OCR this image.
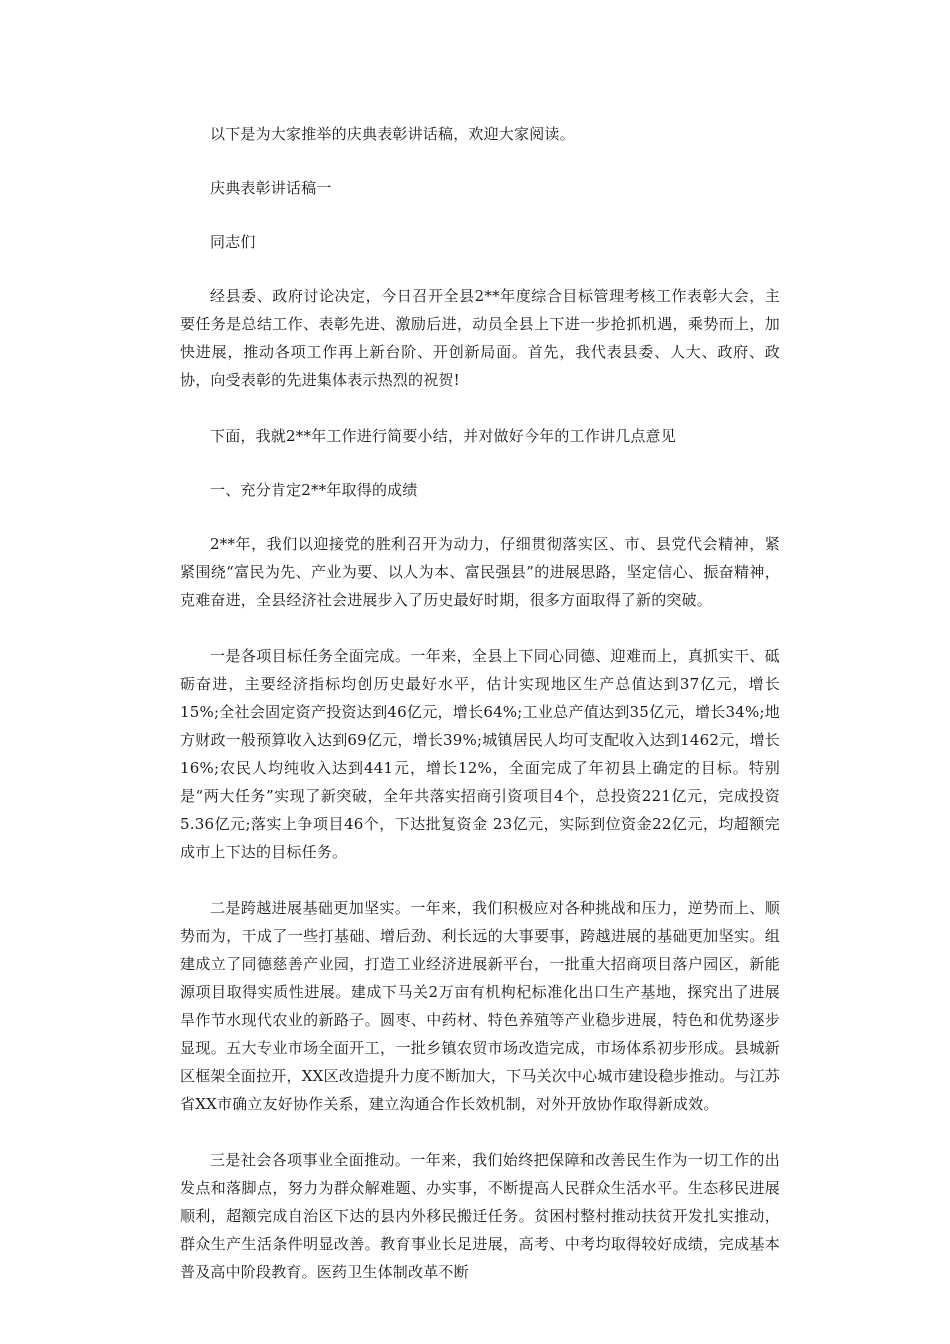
以下是为大家推举的庆典表彰讲话稿，欢迎大家阅读。

庆典表彰讲话稿一

同志们

经县委、政府讨论决定，今日召开全县2**年度综合目标管理考核工作表彰大会，主要任务是总结工作、表彰先进、激励后进，动员全县上下进一步抢抓机遇，乘势而上，加快进展，推动各项工作再上新台阶、开创新局面。首先，我代表县委、人大、政府、政协，向受表彰的先进集体表示热烈的祝贺!

下面，我就2**年工作进行简要小结，并对做好今年的工作讲几点意见

一、充分肯定2**年取得的成绩

2**年，我们以迎接党的胜利召开为动力，仔细贯彻落实区、市、县党代会精神，紧紧围绕“富民为先、产业为要、以人为本、富民强县”的进展思路，坚定信心、振奋精神，克难奋进，全县经济社会进展步入了历史最好时期，很多方面取得了新的突破。

一是各项目标任务全面完成。一年来，全县上下同心同德、迎难而上，真抓实干、砥砺奋进，主要经济指标均创历史最好水平，估计实现地区生产总值达到37亿元，增长15%;全社会固定资产投资达到46亿元，增长64%;工业总产值达到35亿元，增长34%;地方财政一般预算收入达到69亿元，增长39%;城镇居民人均可支配收入达到1462元，增长16%;农民人均纯收入达到441元，增长12%，全面完成了年初县上确定的目标。特别是“两大任务”实现了新突破，全年共落实招商引资项目4个，总投资221亿元，完成投资5.36亿元;落实上争项目46个，下达批复资金 23亿元，实际到位资金22亿元，均超额完成市上下达的目标任务。

二是跨越进展基础更加坚实。一年来，我们积极应对各种挑战和压力，逆势而上、顺势而为，干成了一些打基础、增后劲、利长远的大事要事，跨越进展的基础更加坚实。组建成立了同德慈善产业园，打造工业经济进展新平台，一批重大招商项目落户园区，新能源项目取得实质性进展。建成下马关2万亩有机枸杞标准化出口生产基地，探究出了进展旱作节水现代农业的新路子。圆枣、中药材、特色养殖等产业稳步进展，特色和优势逐步显现。五大专业市场全面开工，一批乡镇农贸市场改造完成，市场体系初步形成。县城新区框架全面拉开，XX区改造提升力度不断加大，下马关次中心城市建设稳步推动。与江苏省XX市确立友好协作关系，建立沟通合作长效机制，对外开放协作取得新成效。

三是社会各项事业全面推动。一年来，我们始终把保障和改善民生作为一切工作的出发点和落脚点，努力为群众解难题、办实事，不断提高人民群众生活水平。生态移民进展顺利，超额完成自治区下达的县内外移民搬迁任务。贫困村整村推动扶贫开发扎实推动，群众生产生活条件明显改善。教育事业长足进展，高考、中考均取得较好成绩，完成基本普及高中阶段教育。医药卫生体制改革不断
